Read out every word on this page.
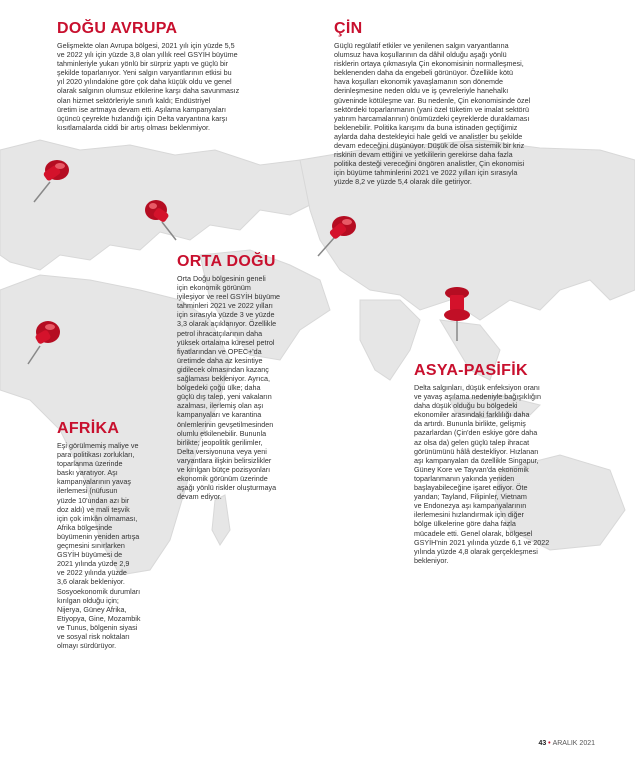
DOĞU AVRUPA

Gelişmekte olan Avrupa bölgesi, 2021 yılı için yüzde 5,5
ve 2022 yılı için yüzde 3,8 olan yıllık reel GSYİH büyüme
tahminleriyle yukarı yönlü bir sürpriz yaptı ve güçlü bir
şekilde toparlanıyor. Yeni salgın varyantlarının etkisi bu
yıl 2020 yılındakine göre çok daha küçük oldu ve genel
olarak salgının olumsuz etkilerine karşı daha savunmasız
olan hizmet sektörleriyle sınırlı kaldı; Endüstriyel
üretim ise artmaya devam etti. Aşılama kampanyaları
üçüncü çeyrekte hızlandığı için Delta varyantına karşı
kısıtlamalarda ciddi bir artış olması beklenmiyor.

ÇİN

Güçlü regülatif etkiler ve yenilenen salgın varyantlarına
olumsuz hava koşullarının da dâhil olduğu aşağı yönlü
risklerin ortaya çıkmasıyla Çin ekonomisinin normalleşmesi,
beklenenden daha da engebeli görünüyor. Özellikle kötü
hava koşulları ekonomik yavaşlamanın son dönemde
derinleşmesine neden oldu ve iş çevreleriyle hanehalkı
güveninde kötüleşme var. Bu nedenle, Çin ekonomisinde özel
sektördeki toparlanmanın (yani özel tüketim ve imalat sektörü
yatırım harcamalarının) önümüzdeki çeyreklerde duraklaması
beklenebilir. Politika karışımı da buna istinaden geçtiğimiz
aylarda daha destekleyici hale geldi ve analistler bu şekilde
devam edeceğini düşünüyor. Düşük de olsa sistemik bir kriz
riskinin devam ettiğini ve yetkililerin gerekirse daha fazla
politika desteği vereceğini öngören analistler, Çin ekonomisi
için büyüme tahminlerini 2021 ve 2022 yılları için sırasıyla
yüzde 8,2 ve yüzde 5,4 olarak dile getiriyor.

ORTA DOĞU

Orta Doğu bölgesinin geneli
için ekonomik görünüm
iyileşiyor ve reel GSYİH büyüme
tahminleri 2021 ve 2022 yılları
için sırasıyla yüzde 3 ve yüzde
3,3 olarak açıklanıyor. Özellikle
petrol ihracatçılarının daha
yüksek ortalama küresel petrol
fiyatlarından ve OPEC+'da
üretimde daha az kesintiye
gidilecek olmasından kazanç
sağlaması bekleniyor. Ayrıca,
bölgedeki çoğu ülke; daha
güçlü dış talep, yeni vakaların
azalması, ilerlemiş olan aşı
kampanyaları ve karantina
önlemlerinin gevşetilmesinden
olumlu etkilenebilir. Bununla
birlikte; jeopolitik gerilimler,
Delta versiyonuna veya yeni
varyantlara ilişkin belirsizlikler
ve kırılgan bütçe pozisyonları
ekonomik görünüm üzerinde
aşağı yönlü riskler oluşturmaya
devam ediyor.

ASYA-PASİFİK

Delta salgınları, düşük enfeksiyon oranı
ve yavaş aşılama nedeniyle bağışıklığın
daha düşük olduğu bu bölgedeki
ekonomiler arasındaki farklılığı daha
da artırdı. Bununla birlikte, gelişmiş
pazarlardan (Çin'den eskiye göre daha
az olsa da) gelen güçlü talep ihracat
görünümünü hâlâ destekliyor. Hızlanan
aşı kampanyaları da özellikle Singapur,
Güney Kore ve Tayvan'da ekonomik
toparlanmanın yakında yeniden
başlayabileceğine işaret ediyor. Öte
yandan; Tayland, Filipinler, Vietnam
ve Endonezya aşı kampanyalarının
ilerlemesini hızlandırmak için diğer
bölge ülkelerine göre daha fazla
mücadele etti. Genel olarak, bölgesel
GSYİH'nin 2021 yılında yüzde 6,1 ve 2022
yılında yüzde 4,8 olarak gerçekleşmesi
bekleniyor.

AFRİKA

Eşi görülmemiş maliye ve
para politikası zorlukları,
toparlanma üzerinde
baskı yaratıyor. Aşı
kampanyalarının yavaş
ilerlemesi (nüfusun
yüzde 10'undan azı bir
doz aldı) ve mali teşvik
için çok imkân olmaması,
Afrika bölgesinde
büyümenin yeniden artışa
geçmesini sınırlarken
GSYİH büyümesi de
2021 yılında yüzde 2,9
ve 2022 yılında yüzde
3,6 olarak bekleniyor.
Sosyoekonomik durumları
kırılgan olduğu için;
Nijerya, Güney Afrika,
Etiyopya, Gine, Mozambik
ve Tunus, bölgenin siyasi
ve sosyal risk noktaları
olmayı sürdürüyor.

43 • ARALIK 2021
